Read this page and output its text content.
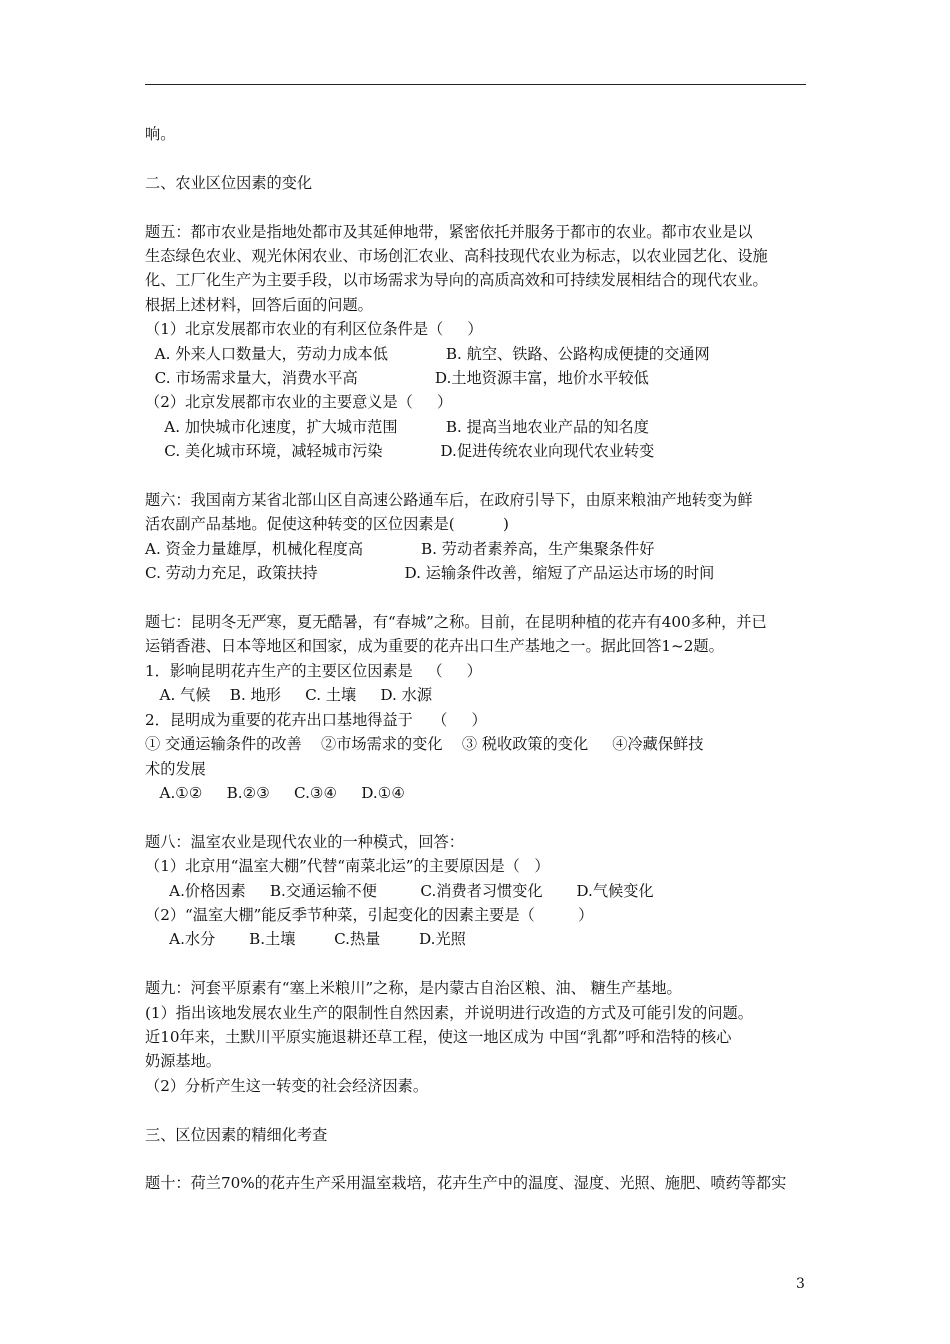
响。
二、农业区位因素的变化
题五：都市农业是指地处都市及其延伸地带，紧密依托并服务于都市的农业。都市农业是以
生态绿色农业、观光休闲农业、市场创汇农业、高科技现代农业为标志，以农业园艺化、设施
化、工厂化生产为主要手段，以市场需求为导向的高质高效和可持续发展相结合的现代农业。
根据上述材料，回答后面的问题。
（1）北京发展都市农业的有利区位条件是（     ）
A. 外来人口数量大，劳动力成本低            B. 航空、铁路、公路构成便捷的交通网
C. 市场需求量大，消费水平高                D.土地资源丰富，地价水平较低
（2）北京发展都市农业的主要意义是（     ）
A. 加快城市化速度，扩大城市范围          B. 提高当地农业产品的知名度
C. 美化城市环境，减轻城市污染            D.促进传统农业向现代农业转变
题六：我国南方某省北部山区自高速公路通车后，在政府引导下，由原来粮油产地转变为鲜
活农副产品基地。促使这种转变的区位因素是(          )
A. 资金力量雄厚，机械化程度高            B. 劳动者素养高，生产集聚条件好
C. 劳动力充足，政策扶持                  D. 运输条件改善，缩短了产品运达市场的时间
题七：昆明冬无严寒，夏无酷暑，有“春城”之称。目前，在昆明种植的花卉有400多种，并已
运销香港、日本等地区和国家，成为重要的花卉出口生产基地之一。据此回答1~2题。
1．影响昆明花卉生产的主要区位因素是   （     ）
A. 气候    B. 地形     C. 土壤     D. 水源
2．昆明成为重要的花卉出口基地得益于    （     ）
① 交通运输条件的改善    ②市场需求的变化    ③ 税收政策的变化     ④冷藏保鲜技
术的发展
A.①②     B.②③     C.③④     D.①④
题八：温室农业是现代农业的一种模式，回答：
（1）北京用“温室大棚”代替“南菜北运”的主要原因是（   ）
A.价格因素     B.交通运输不便         C.消费者习惯变化       D.气候变化
（2）“温室大棚”能反季节种菜，引起变化的因素主要是（         ）
A.水分       B.土壤        C.热量        D.光照
题九：河套平原素有“塞上米粮川”之称，是内蒙古自治区粮、油、 糖生产基地。
(1）指出该地发展农业生产的限制性自然因素，并说明进行改造的方式及可能引发的问题。
近10年来，土默川平原实施退耕还草工程，使这一地区成为 中国“乳都”呼和浩特的核心
奶源基地。
（2）分析产生这一转变的社会经济因素。
三、区位因素的精细化考查
题十：荷兰70%的花卉生产采用温室栽培，花卉生产中的温度、湿度、光照、施肥、喷药等都实
3
